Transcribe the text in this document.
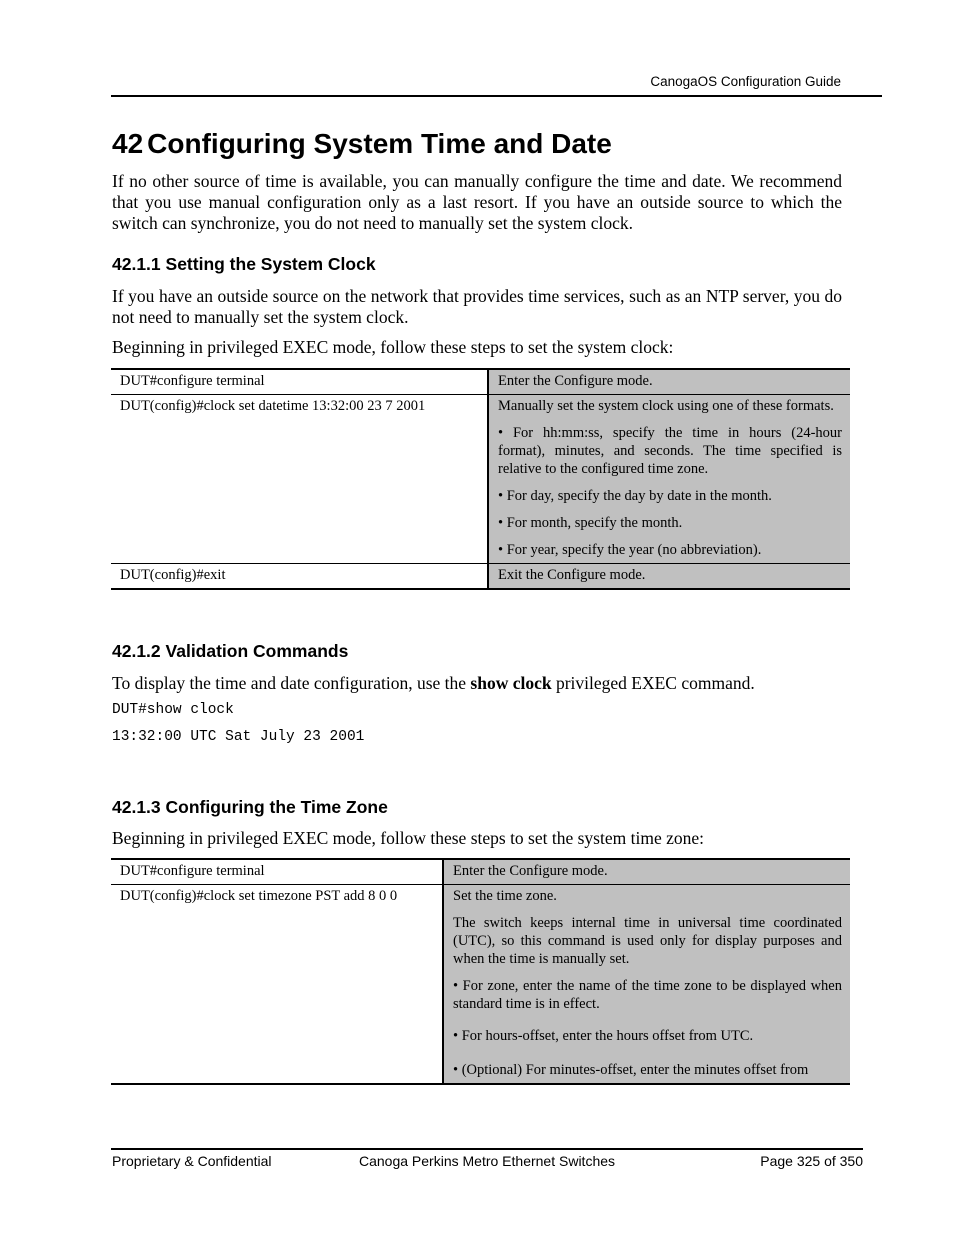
CanogaOS Configuration Guide
42 Configuring System Time and Date

If no other source of time is available, you can manually configure the time and date. We recommend that you use manual configuration only as a last resort. If you have an outside source to which the switch can synchronize, you do not need to manually set the system clock.

42.1.1 Setting the System Clock

If you have an outside source on the network that provides time services, such as an NTP server, you do not need to manually set the system clock.

Beginning in privileged EXEC mode, follow these steps to set the system clock:

DUT#configure terminal	Enter the Configure mode.

DUT(config)#clock set datetime 13:32:00 23 7 2001	Manually set the system clock using one of these formats.

• For hh:mm:ss, specify the time in hours (24-hour format), minutes, and seconds. The time specified is relative to the configured time zone.

• For day, specify the day by date in the month.

• For month, specify the month.

• For year, specify the year (no abbreviation).

DUT(config)#exit	Exit the Configure mode.

42.1.2 Validation Commands

To display the time and date configuration, use the show clock privileged EXEC command.

DUT#show clock
13:32:00 UTC Sat July 23 2001
42.1.3 Configuring the Time Zone

Beginning in privileged EXEC mode, follow these steps to set the system time zone:

DUT#configure terminal	Enter the Configure mode.

DUT(config)#clock set timezone PST add 8 0 0	Set the time zone.

The switch keeps internal time in universal time coordinated (UTC), so this command is used only for display purposes and when the time is manually set.

• For zone, enter the name of the time zone to be displayed when standard time is in effect.

• For hours-offset, enter the hours offset from UTC.

• (Optional) For minutes-offset, enter the minutes offset from

Proprietary & Confidential	Canoga Perkins Metro Ethernet Switches	Page 325 of 350
